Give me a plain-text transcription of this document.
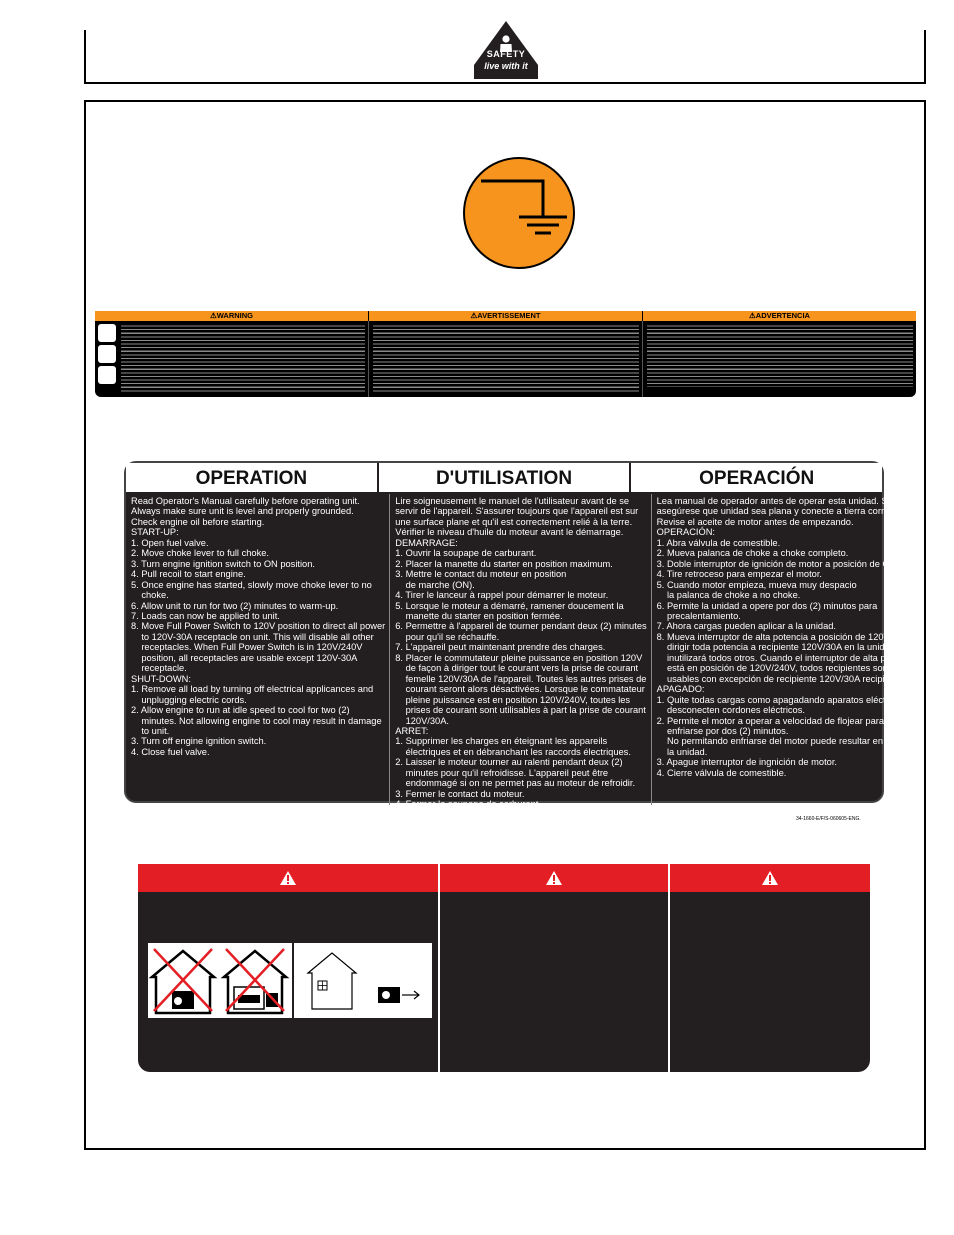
SAFETY
live with it
⚠WARNING	⚠AVERTISSEMENT	⚠ADVERTENCIA
OPERATION	D'UTILISATION	OPERACIÓN
Read Operator's Manual carefully before operating unit.
Always make sure unit is level and properly grounded.
Check engine oil before starting.
START-UP:
1. Open fuel valve.
2. Move choke lever to full choke.
3. Turn engine ignition switch to ON position.
4. Pull recoil to start engine.
5. Once engine has started, slowly move choke lever to no
choke.
6. Allow unit to run for two (2) minutes to warm-up.
7. Loads can now be applied to unit.
8. Move Full Power Switch to 120V position to direct all power
to 120V-30A receptacle on unit. This will disable all other
receptacles. When Full Power Switch is in 120V/240V
position, all receptacles are usable except 120V-30A
receptacle.
SHUT-DOWN:
1. Remove all load by turning off electrical applicances and
unplugging electric cords.
2. Allow engine to run at idle speed to cool for two (2)
minutes. Not allowing engine to cool may result in damage
to unit.
3. Turn off engine ignition switch.
4. Close fuel valve.
Lire soigneusement le manuel de l'utilisateur avant de se
servir de l'appareil. S'assurer toujours que l'appareil est sur
une surface plane et qu'il est correctement relié à la terre.
Vérifier le niveau d'huile du moteur avant le démarrage.
DEMARRAGE:
1. Ouvrir la soupape de carburant.
2. Placer la manette du starter en position maximum.
3. Mettre le contact du moteur en position
de marche (ON).
4. Tirer le lanceur à rappel pour démarrer le moteur.
5. Lorsque le moteur a démarré, ramener doucement la
manette du starter en position fermée.
6. Permettre à l'appareil de tourner pendant deux (2) minutes
pour qu'il se réchauffe.
7. L'appareil peut maintenant prendre des charges.
8. Placer le commutateur pleine puissance en position 120V
de façon à diriger tout le courant vers la prise de courant
femelle 120V/30A de l'appareil. Toutes les autres prises de
courant seront alors désactivées. Lorsque le commatateur
pleine puissance est en position 120V/240V, toutes les
prises de courant sont utilisables à part la prise de courant
120V/30A.
ARRET:
1. Supprimer les charges en éteignant les appareils
électriques et en débranchant les raccords électriques.
2. Laisser le moteur tourner au ralenti pendant deux (2)
minutes pour qu'il refroidisse. L'appareil peut être
endommagé si on ne permet pas au moteur de refroidir.
3. Fermer le contact du moteur.
4. Fermer la soupape de carburant.
Lea manual de operador antes de operar esta unidad. Siempre
asegúrese que unidad sea plana y conecte a tierra correcto.
Revise el aceite de motor antes de empezando.
OPERACIÓN:
1. Abra válvula de comestible.
2. Mueva palanca de choke a choke completo.
3. Doble interruptor de ignición de motor a posición de ON.
4. Tire retroceso para empezar el motor.
5. Cuando motor empieza, mueva muy despacio
la palanca de choke a no choke.
6. Permite la unidad a opere por dos (2) minutos para
precalentamiento.
7. Ahora cargas pueden aplicar a la unidad.
8. Mueva interruptor de alta potencia a posición de 120V para
dirigir toda potencia a recipiente 120V/30A en la unidad. Este
inutilizará todos otros. Cuando el interruptor de alta potencia
está en posición de 120V/240V, todos recipientes son
usables con excepción de recipiente 120V/30A recipientes.
APAGADO:
1. Quite todas cargas como apagadando aparatos eléctricos y
desconecten cordones eléctricos.
2. Permite el motor a operar a velocidad de flojear para
enfriarse por dos (2) minutos.
No permitando enfriarse del motor puede resultar en daño a
la unidad.
3. Apague interruptor de ingnición de motor.
4. Cierre válvula de comestible.
34-1660-E/F/S-060605-ENG.
